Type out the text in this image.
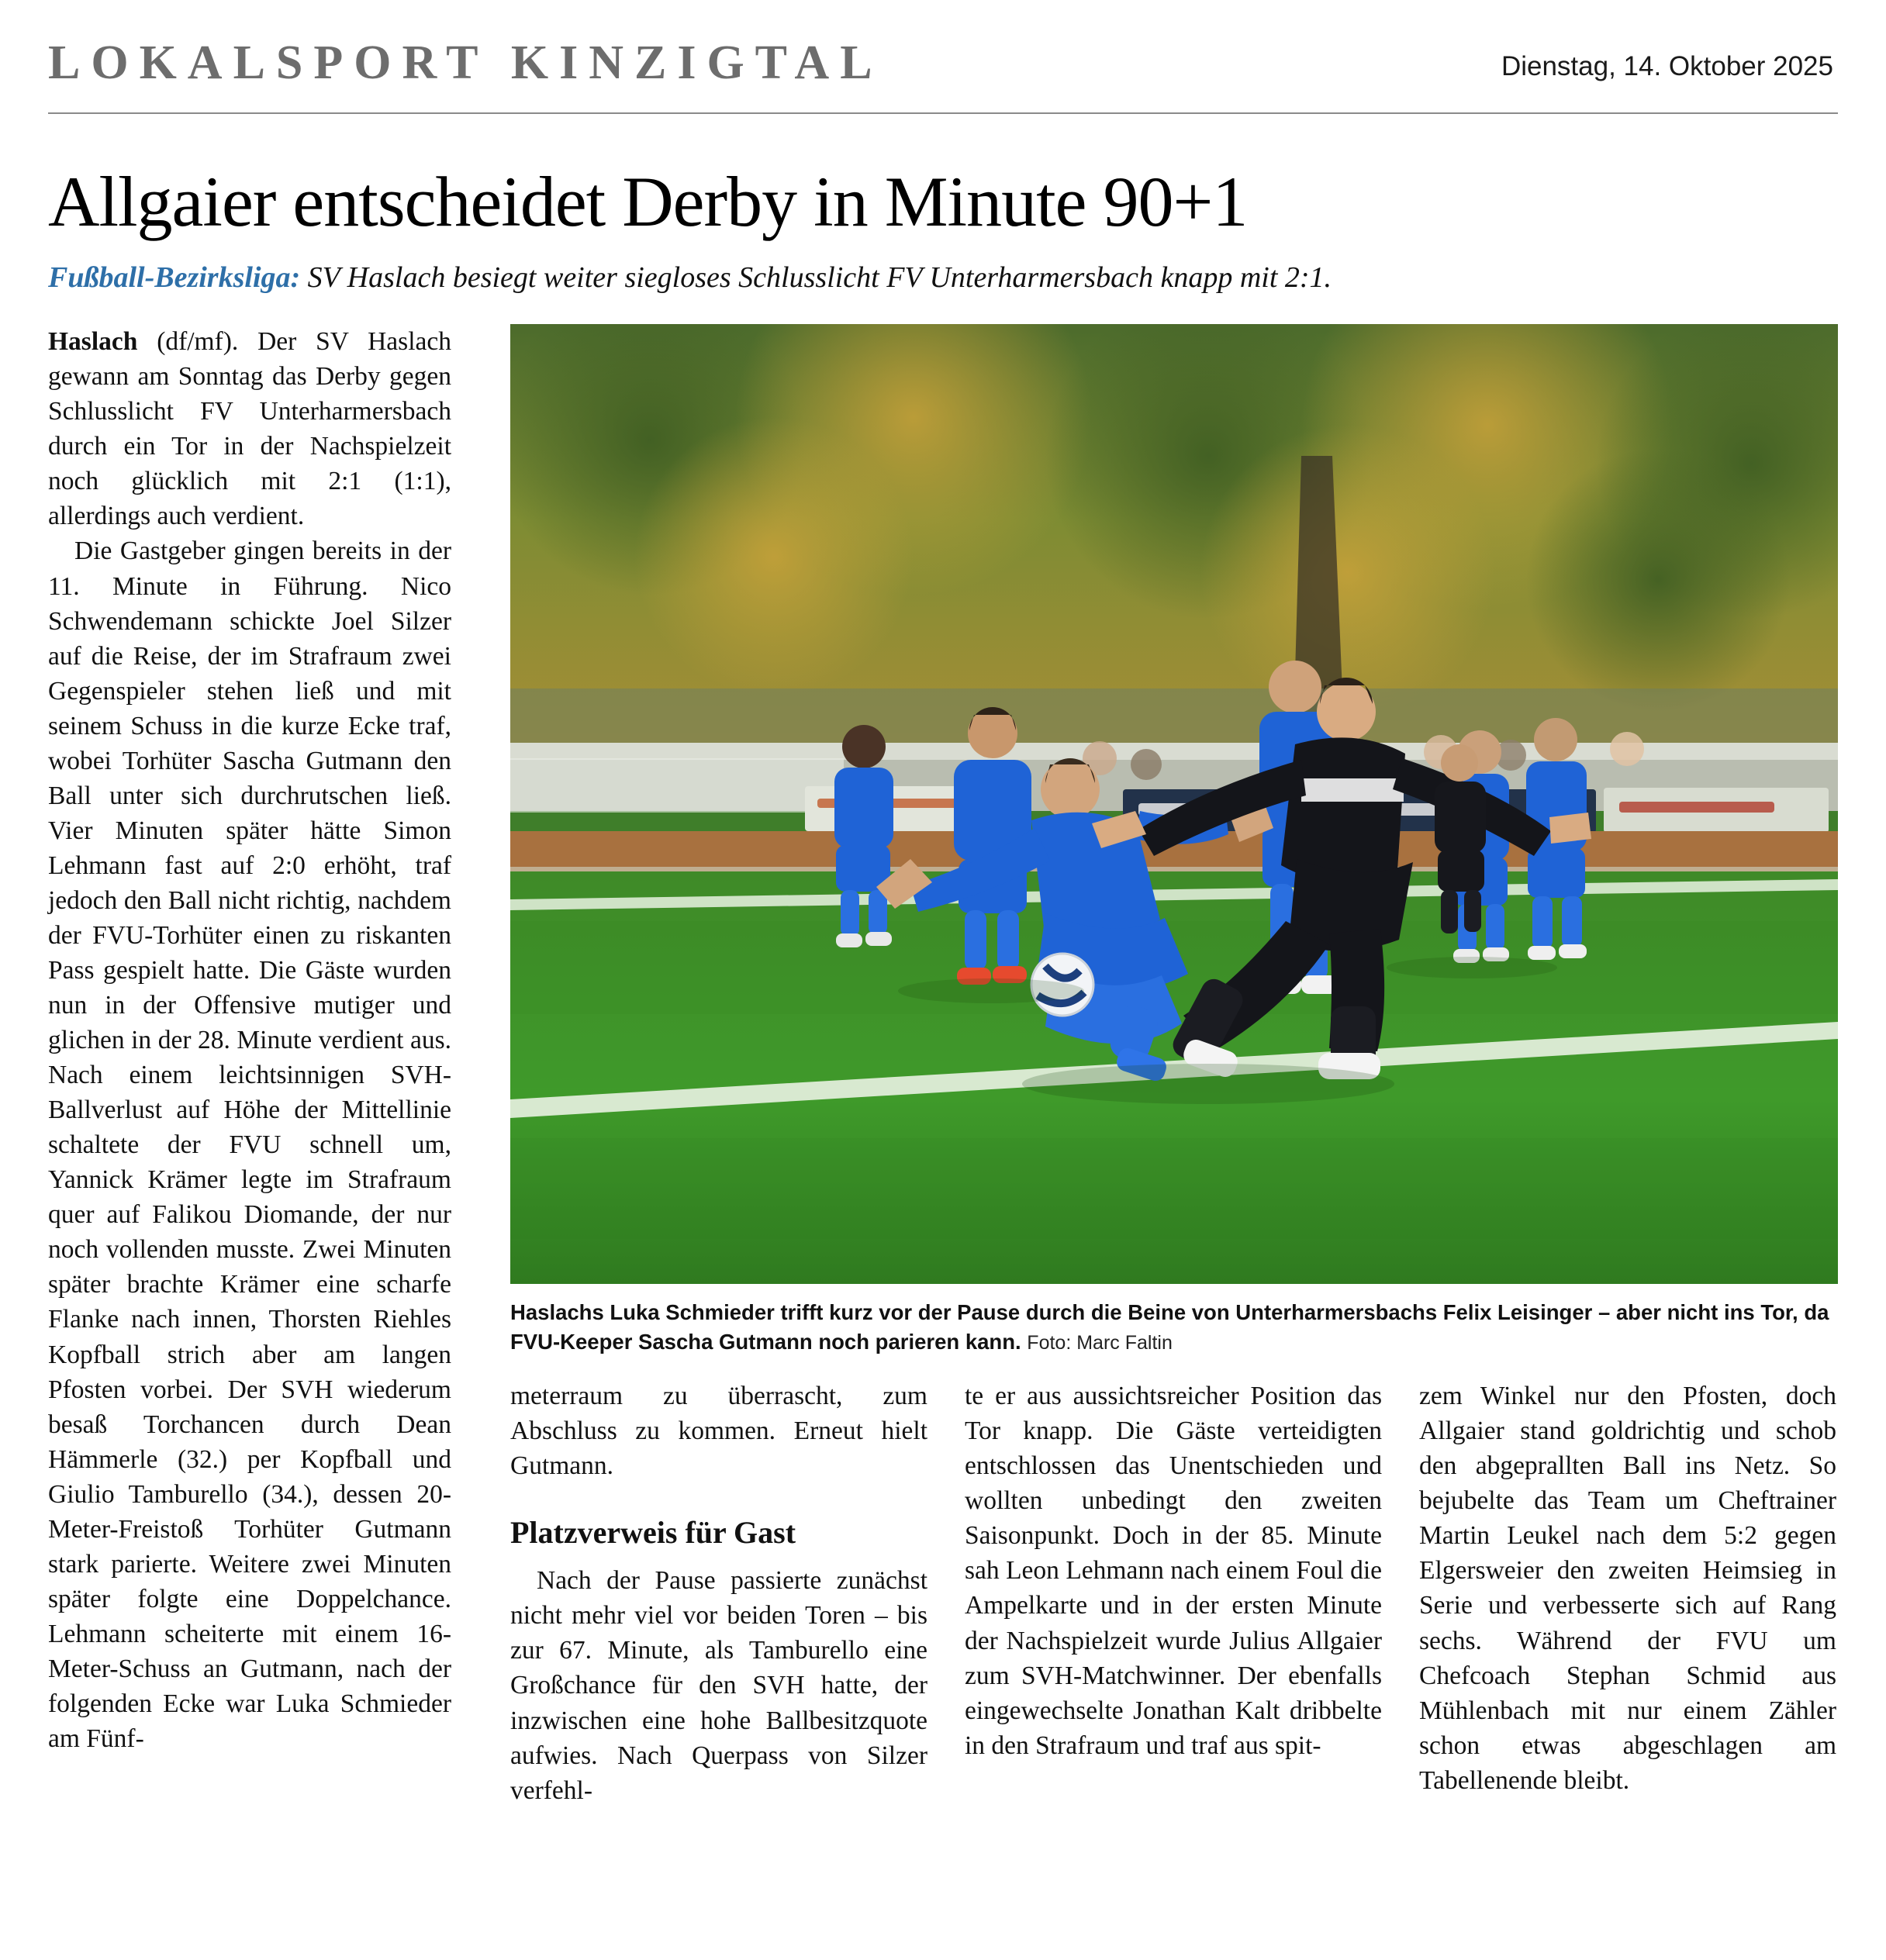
LOKALSPORT KINZIGTAL	Dienstag, 14. Oktober 2025
Allgaier entscheidet Derby in Minute 90+1
Fußball-Bezirksliga: SV Haslach besiegt weiter siegloses Schlusslicht FV Unterharmersbach knapp mit 2:1.

Haslach (df/mf). Der SV Haslach gewann am Sonntag das Derby gegen Schlusslicht FV Unterharmersbach durch ein Tor in der Nachspielzeit noch glücklich mit 2:1 (1:1), allerdings auch verdient.

Die Gastgeber gingen bereits in der 11. Minute in Führung. Nico Schwendemann schickte Joel Silzer auf die Reise, der im Strafraum zwei Gegenspieler stehen ließ und mit seinem Schuss in die kurze Ecke traf, wobei Torhüter Sascha Gutmann den Ball unter sich durchrutschen ließ. Vier Minuten später hätte Simon Lehmann fast auf 2:0 erhöht, traf jedoch den Ball nicht richtig, nachdem der FVU-Torhüter einen zu riskanten Pass gespielt hatte. Die Gäste wurden nun in der Offensive mutiger und glichen in der 28. Minute verdient aus. Nach einem leichtsinnigen SVH-Ballverlust auf Höhe der Mittellinie schaltete der FVU schnell um, Yannick Krämer legte im Strafraum quer auf Falikou Diomande, der nur noch vollenden musste. Zwei Minuten später brachte Krämer eine scharfe Flanke nach innen, Thorsten Riehles Kopfball strich aber am langen Pfosten vorbei. Der SVH wiederum besaß Torchancen durch Dean Hämmerle (32.) per Kopfball und Giulio Tamburello (34.), dessen 20-Meter-Freistoß Torhüter Gutmann stark parierte. Weitere zwei Minuten später folgte eine Doppelchance. Lehmann scheiterte mit einem 16-Meter-Schuss an Gutmann, nach der folgenden Ecke war Luka Schmieder am Fünf-

Haslachs Luka Schmieder trifft kurz vor der Pause durch die Beine von Unterharmersbachs Felix Leisinger – aber nicht ins Tor, da FVU-Keeper Sascha Gutmann noch parieren kann. Foto: Marc Faltin

meterraum zu überrascht, zum Abschluss zu kommen. Erneut hielt Gutmann.

Platzverweis für Gast

Nach der Pause passierte zunächst nicht mehr viel vor beiden Toren – bis zur 67. Minute, als Tamburello eine Großchance für den SVH hatte, der inzwischen eine hohe Ballbesitzquote aufwies. Nach Querpass von Silzer verfehl-

te er aus aussichtsreicher Position das Tor knapp. Die Gäste verteidigten entschlossen das Unentschieden und wollten unbedingt den zweiten Saisonpunkt. Doch in der 85. Minute sah Leon Lehmann nach einem Foul die Ampelkarte und in der ersten Minute der Nachspielzeit wurde Julius Allgaier zum SVH-Matchwinner. Der ebenfalls eingewechselte Jonathan Kalt dribbelte in den Strafraum und traf aus spit-

zem Winkel nur den Pfosten, doch Allgaier stand goldrichtig und schob den abgeprallten Ball ins Netz. So bejubelte das Team um Cheftrainer Martin Leukel nach dem 5:2 gegen Elgersweier den zweiten Heimsieg in Serie und verbesserte sich auf Rang sechs. Während der FVU um Chefcoach Stephan Schmid aus Mühlenbach mit nur einem Zähler schon etwas abgeschlagen am Tabellenende bleibt.
